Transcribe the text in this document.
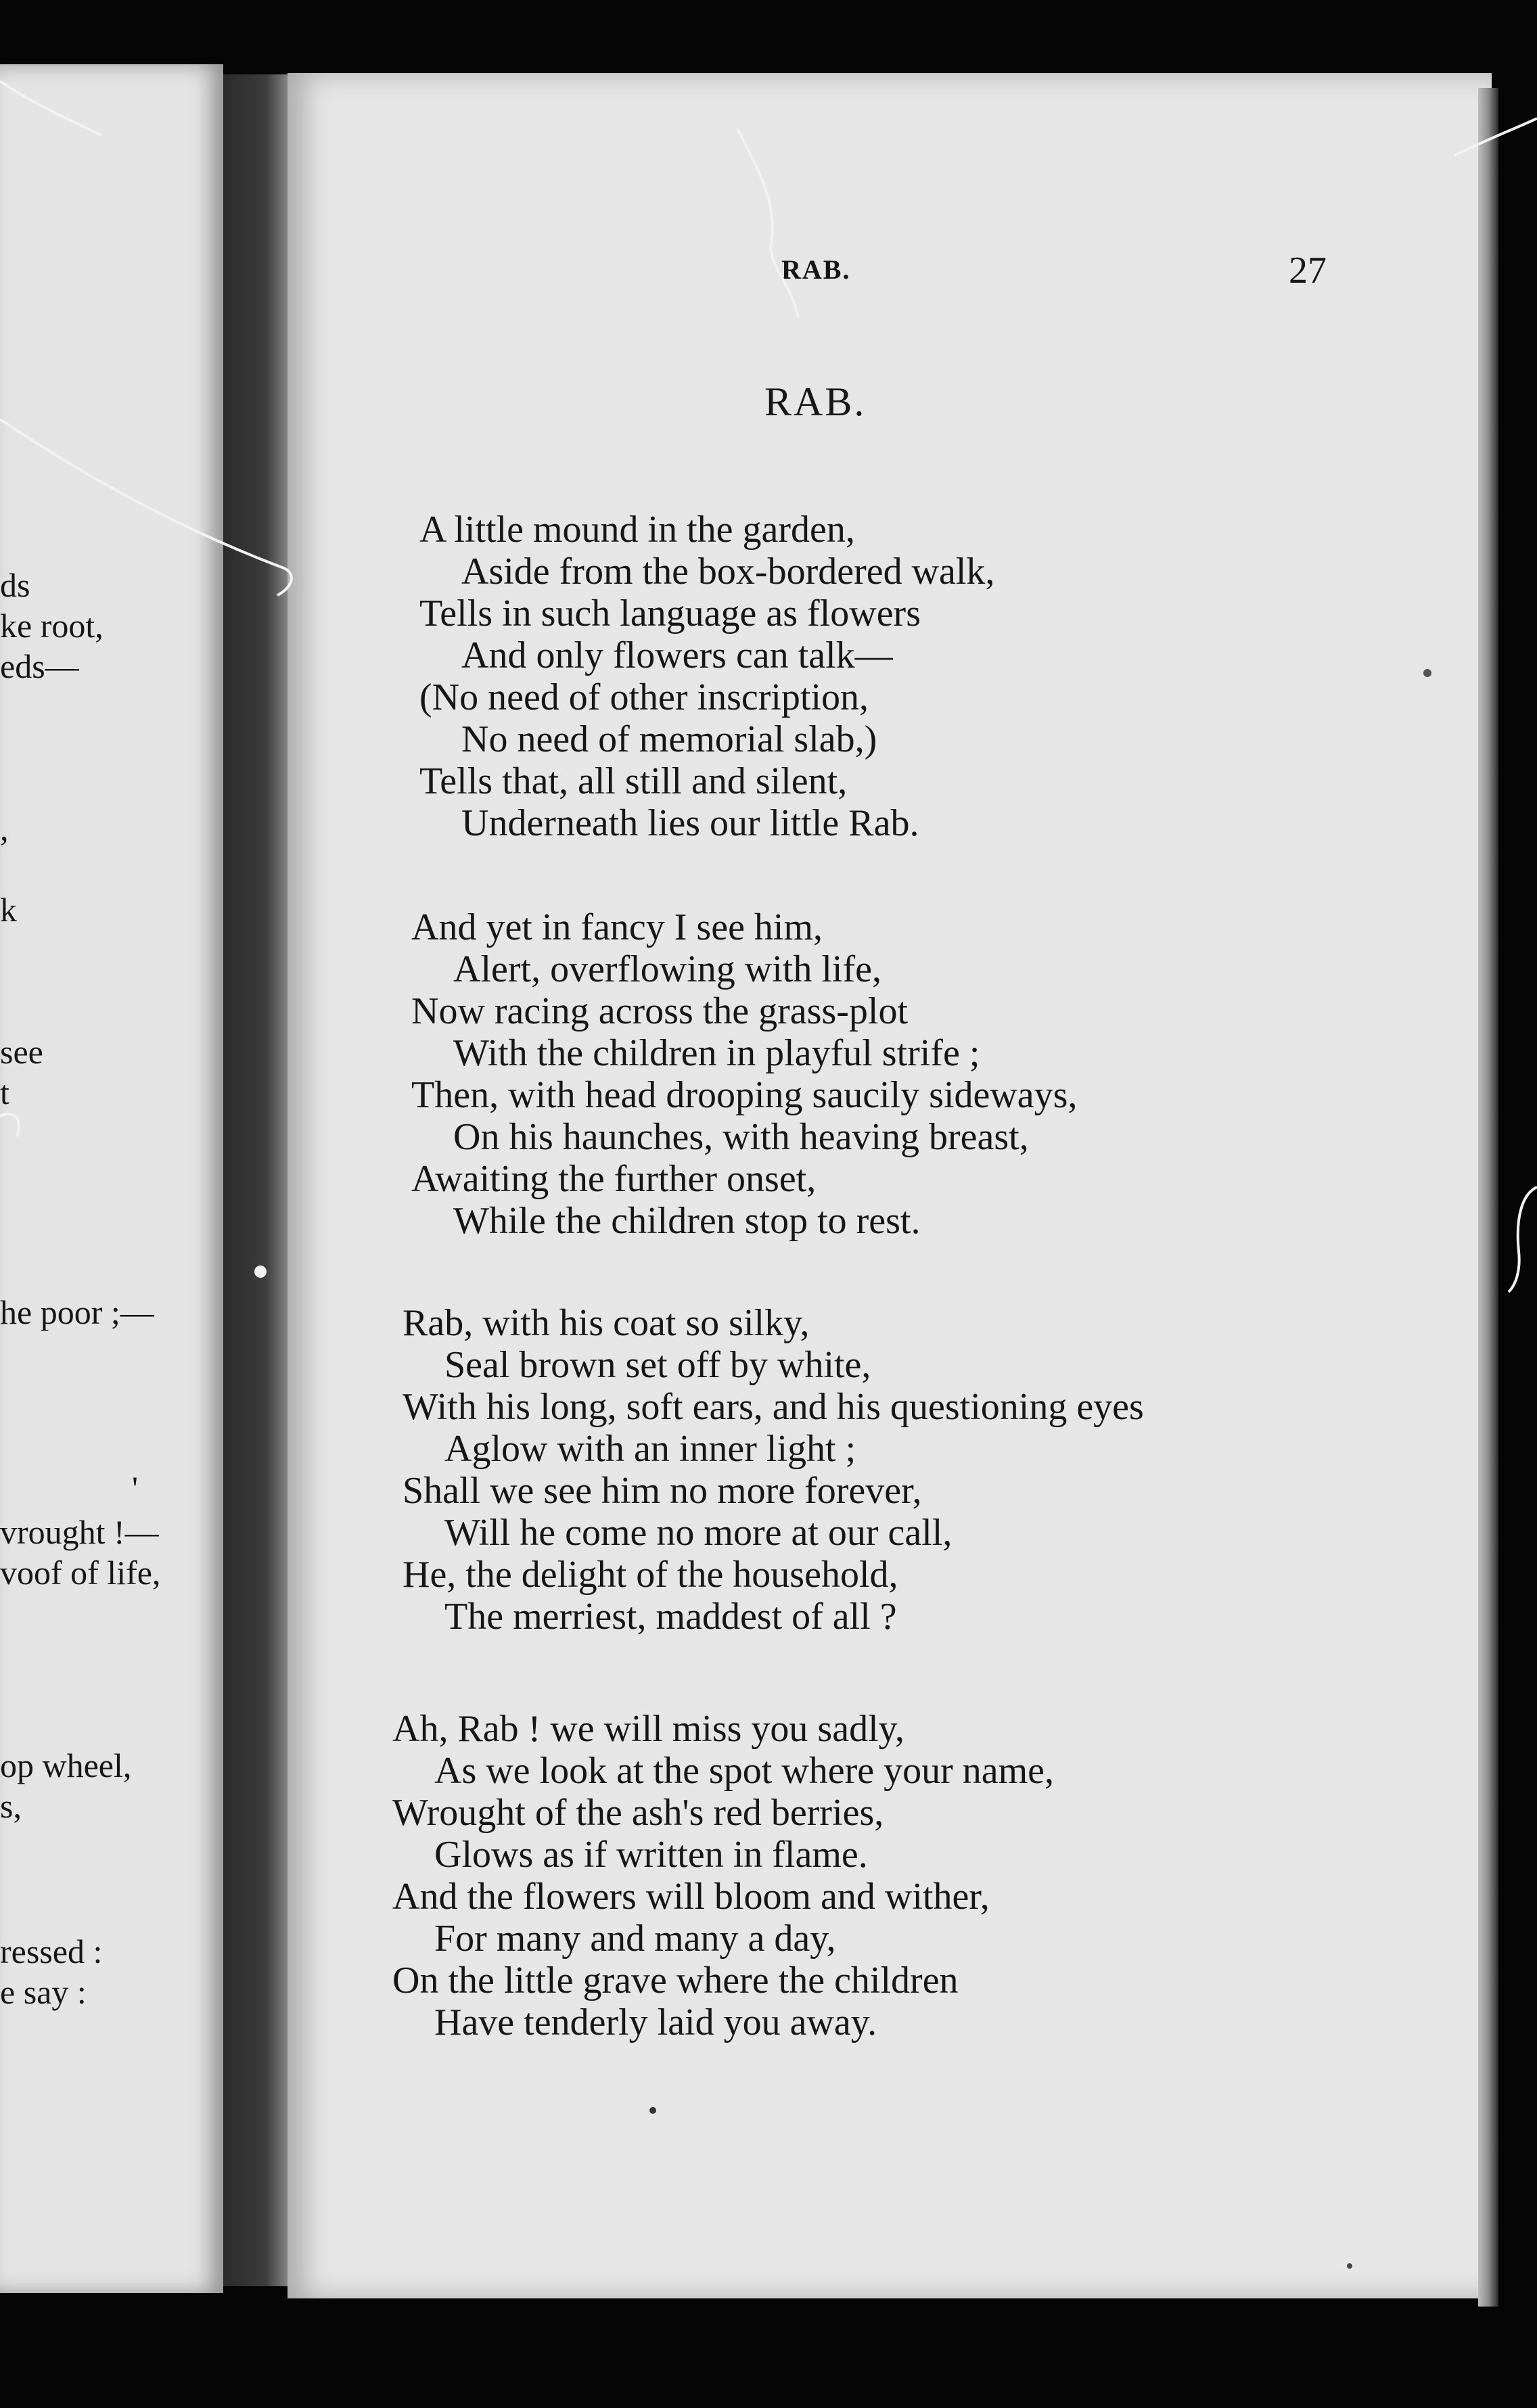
ds
ke root,
eds—
,
k
see
t
he poor ;—
'
vrought !—
voof of life,
op wheel,
s,
ressed :
e say :
RAB.	27
RAB.

A little mound in the garden,

Aside from the box-bordered walk,

Tells in such language as flowers

And only flowers can talk—

(No need of other inscription,

No need of memorial slab,)

Tells that, all still and silent,

Underneath lies our little Rab.

And yet in fancy I see him,

Alert, overflowing with life,

Now racing across the grass-plot

With the children in playful strife ;

Then, with head drooping saucily sideways,

On his haunches, with heaving breast,

Awaiting the further onset,

While the children stop to rest.

Rab, with his coat so silky,

Seal brown set off by white,

With his long, soft ears, and his questioning eyes

Aglow with an inner light ;

Shall we see him no more forever,

Will he come no more at our call,

He, the delight of the household,

The merriest, maddest of all ?

Ah, Rab ! we will miss you sadly,

As we look at the spot where your name,

Wrought of the ash's red berries,

Glows as if written in flame.

And the flowers will bloom and wither,

For many and many a day,

On the little grave where the children

Have tenderly laid you away.
